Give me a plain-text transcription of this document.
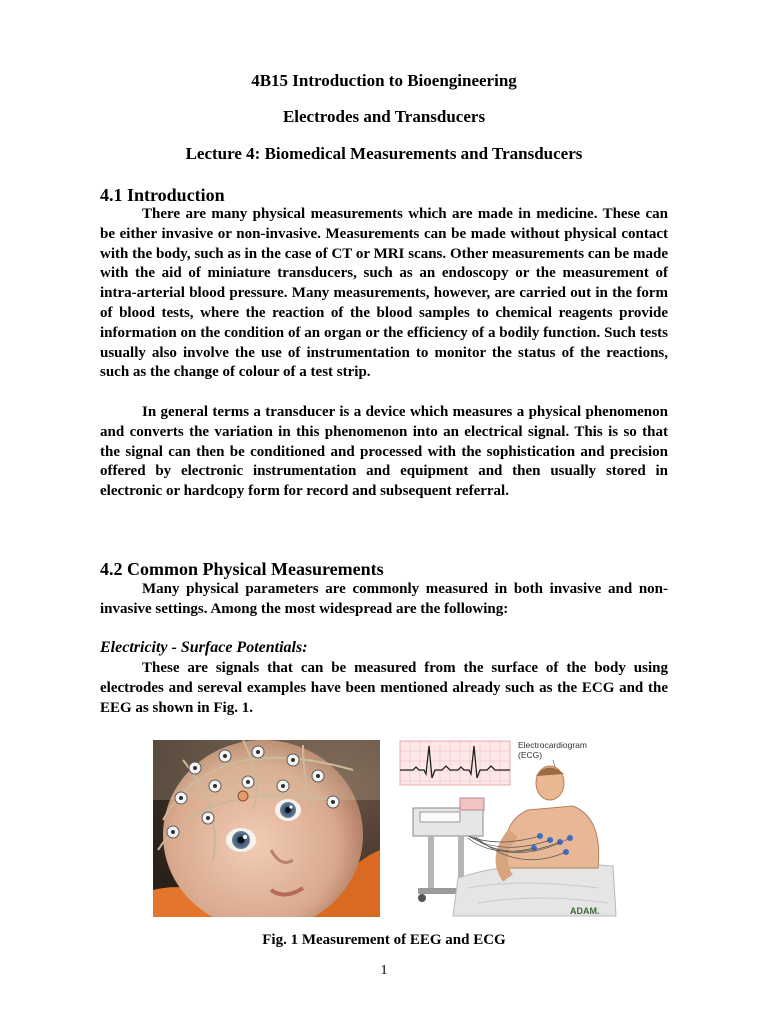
4B15 Introduction to Bioengineering

Electrodes and Transducers

Lecture 4: Biomedical Measurements and Transducers

4.1 Introduction

There are many physical measurements which are made in medicine. These can be either invasive or non-invasive. Measurements can be made without physical contact with the body, such as in the case of CT or MRI scans. Other measurements can be made with the aid of miniature transducers, such as an endoscopy or the measurement of intra-arterial blood pressure. Many measurements, however, are carried out in the form of blood tests, where the reaction of the blood samples to chemical reagents provide information on the condition of an organ or the efficiency of a bodily function. Such tests usually also involve the use of instrumentation to monitor the status of the reactions, such as the change of colour of a test strip.

In general terms a transducer is a device which measures a physical phenomenon and converts the variation in this phenomenon into an electrical signal. This is so that the signal can then be conditioned and processed with the sophistication and precision offered by electronic instrumentation and equipment and then usually stored in electronic or hardcopy form for record and subsequent referral.

4.2 Common Physical Measurements

Many physical parameters are commonly measured in both invasive and non-invasive settings. Among the most widespread are the following:

Electricity - Surface Potentials:

These are signals that can be measured from the surface of the body using electrodes and sereval examples have been mentioned already such as the ECG and the EEG as shown in Fig. 1.

Electrocardiogram
(ECG)
ADAM.

Fig. 1 Measurement of EEG and ECG

1
